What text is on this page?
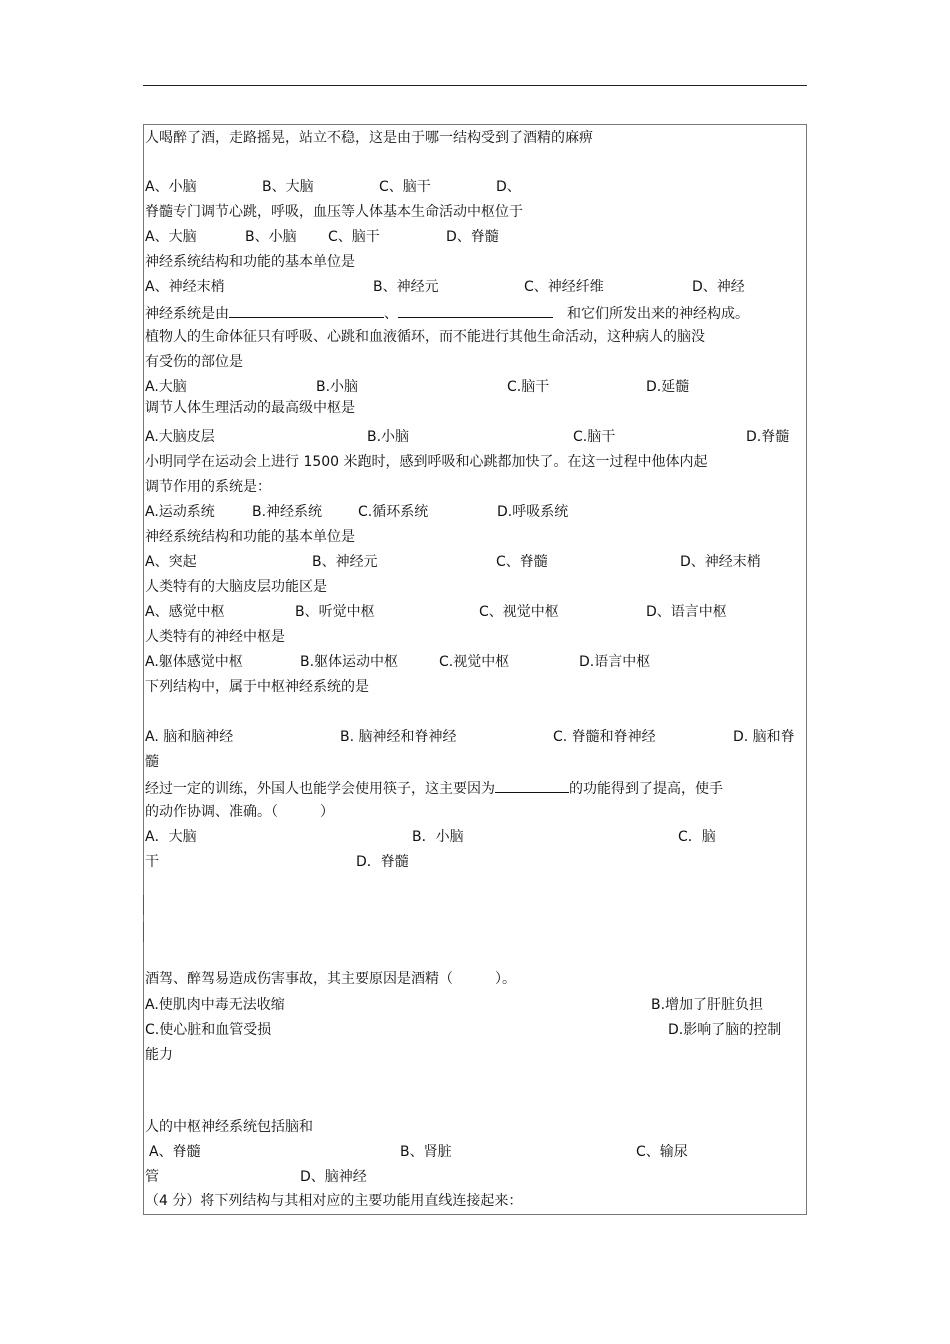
人喝醉了酒，走路摇晃，站立不稳，这是由于哪一结构受到了酒精的麻痹
A、小脑	B、大脑	C、脑干	D、
脊髓专门调节心跳，呼吸，血压等人体基本生命活动中枢位于
A、大脑	B、小脑 C、脑干	D、脊髓
神经系统结构和功能的基本单位是
A、神经末梢	B、神经元	C、神经纤维	D、神经
神经系统是由	、	和它们所发出来的神经构成。
植物人的生命体征只有呼吸、心跳和血液循环，而不能进行其他生命活动，这种病人的脑没
有受伤的部位是
A.大脑	B.小脑	C.脑干	D.延髓
调节人体生理活动的最高级中枢是
A.大脑皮层	B.小脑	C.脑干	D.脊髓
小明同学在运动会上进行 1500 米跑时，感到呼吸和心跳都加快了。在这一过程中他体内起
调节作用的系统是：
A.运动系统	B.神经系统	C.循环系统	D.呼吸系统
神经系统结构和功能的基本单位是
A、突起	B、神经元	C、脊髓	D、神经末梢
人类特有的大脑皮层功能区是
A、感觉中枢	B、听觉中枢	C、视觉中枢	D、语言中枢
人类特有的神经中枢是
A.躯体感觉中枢	B.躯体运动中枢	C.视觉中枢	D.语言中枢
下列结构中，属于中枢神经系统的是
A. 脑和脑神经	B. 脑神经和脊神经	C. 脊髓和脊神经	D. 脑和脊
髓
经过一定的训练，外国人也能学会使用筷子，这主要因为	的功能得到了提高，使手
的动作协调、准确。（　　　）
A．大脑	B．小脑	C．脑
干	D．脊髓
酒驾、醉驾易造成伤害事故，其主要原因是酒精（　　　）。
A.使肌肉中毒无法收缩	B.增加了肝脏负担
C.使心脏和血管受损	D.影响了脑的控制
能力
人的中枢神经系统包括脑和
A、脊髓	B、肾脏	C、输尿
管	D、脑神经
（4 分）将下列结构与其相对应的主要功能用直线连接起来：
